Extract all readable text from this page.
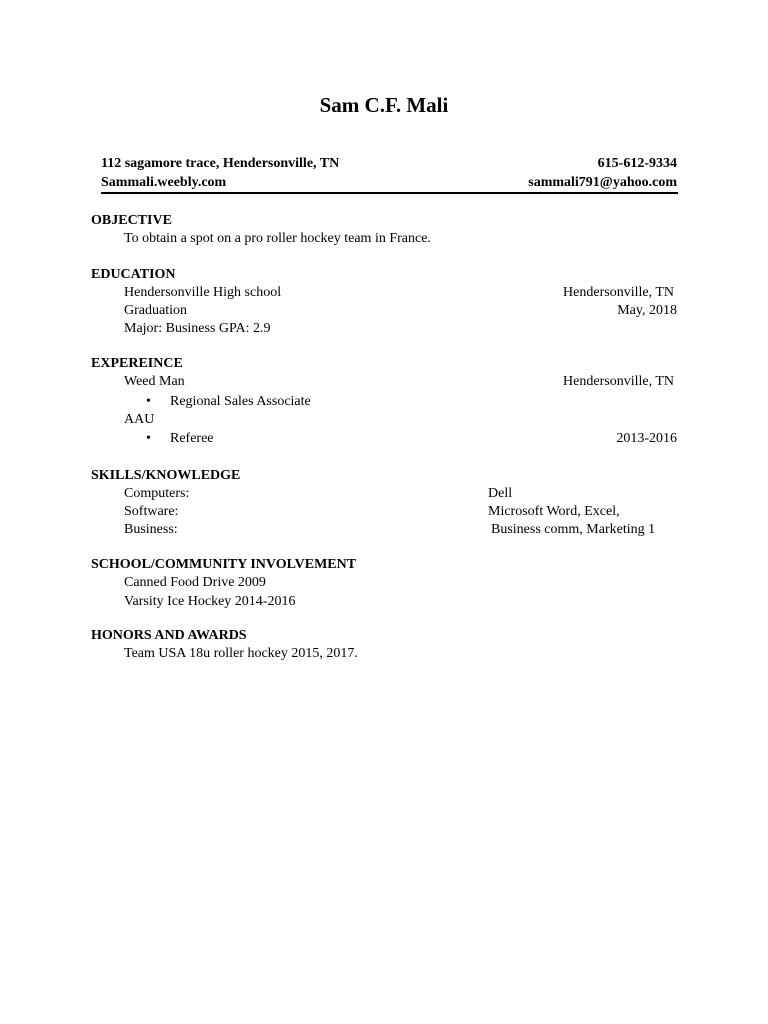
Sam C.F. Mali
112 sagamore trace, Hendersonville, TN	615-612-9334
Sammali.weebly.com	sammali791@yahoo.com
OBJECTIVE
To obtain a spot on a pro roller hockey team in France.
EDUCATION
Hendersonville High school	Hendersonville, TN
Graduation	May, 2018
Major: Business GPA: 2.9
EXPEREINCE
Weed Man	Hendersonville, TN
• Regional Sales Associate
AAU
• Referee	2013-2016
SKILLS/KNOWLEDGE
Computers:	Dell
Software:	Microsoft Word, Excel,
Business:	Business comm, Marketing 1
SCHOOL/COMMUNITY INVOLVEMENT
Canned Food Drive 2009
Varsity Ice Hockey 2014-2016
HONORS AND AWARDS
Team USA 18u roller hockey 2015, 2017.
